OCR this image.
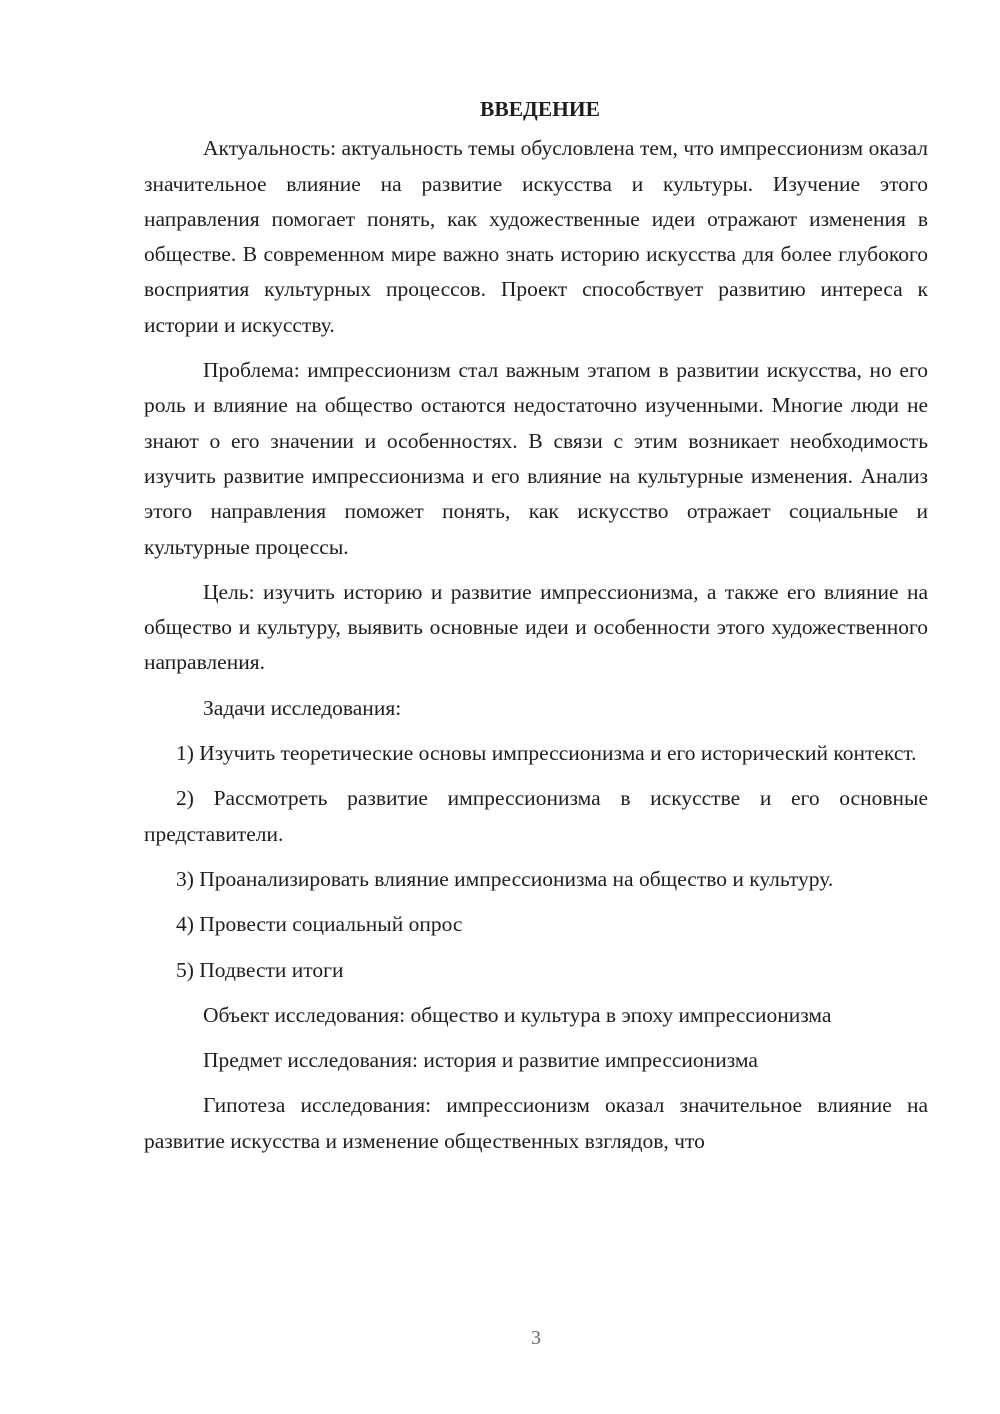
ВВЕДЕНИЕ

Актуальность: актуальность темы обусловлена тем, что импрессионизм оказал значительное влияние на развитие искусства и культуры. Изучение этого направления помогает понять, как художественные идеи отражают изменения в обществе. В современном мире важно знать историю искусства для более глубокого восприятия культурных процессов. Проект способствует развитию интереса к истории и искусству.

Проблема: импрессионизм стал важным этапом в развитии искусства, но его роль и влияние на общество остаются недостаточно изученными. Многие люди не знают о его значении и особенностях. В связи с этим возникает необходимость изучить развитие импрессионизма и его влияние на культурные изменения. Анализ этого направления поможет понять, как искусство отражает социальные и культурные процессы.

Цель: изучить историю и развитие импрессионизма, а также его влияние на общество и культуру, выявить основные идеи и особенности этого художественного направления.

Задачи исследования:

1) Изучить теоретические основы импрессионизма и его исторический контекст.

2) Рассмотреть развитие импрессионизма в искусстве и его основные представители.

3) Проанализировать влияние импрессионизма на общество и культуру.

4) Провести социальный опрос

5) Подвести итоги

Объект исследования: общество и культура в эпоху импрессионизма

Предмет исследования: история и развитие импрессионизма

Гипотеза исследования: импрессионизм оказал значительное влияние на развитие искусства и изменение общественных взглядов, что

3
